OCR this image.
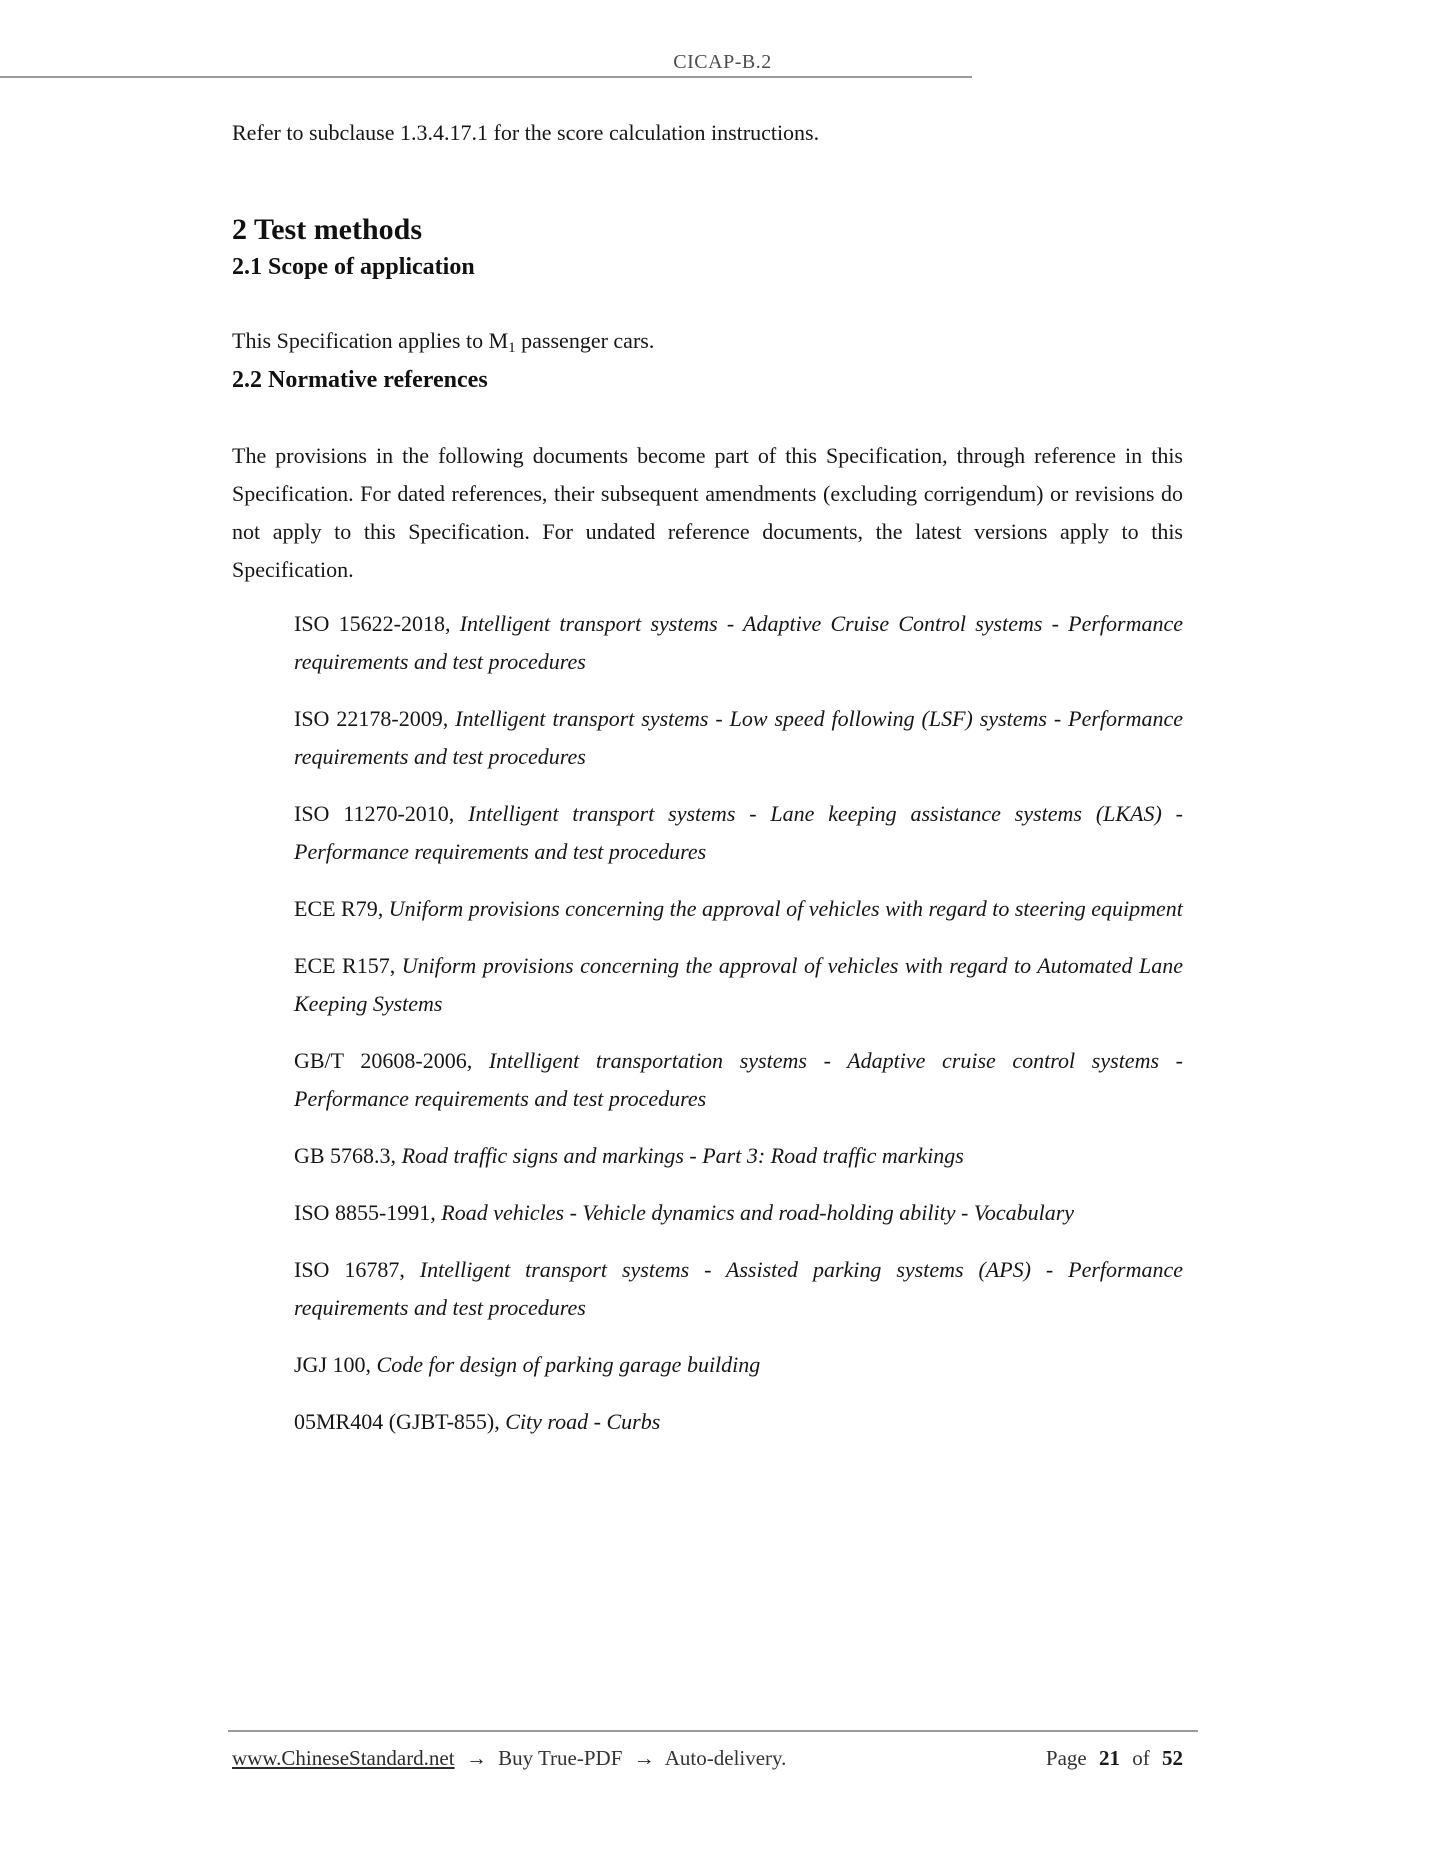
CICAP-B.2

Refer to subclause 1.3.4.17.1 for the score calculation instructions.

2 Test methods
2.1 Scope of application

This Specification applies to $M_1$ passenger cars.

2.2 Normative references

The provisions in the following documents become part of this Specification, through reference in this Specification. For dated references, their subsequent amendments (excluding corrigendum) or revisions do not apply to this Specification. For undated reference documents, the latest versions apply to this Specification.

ISO 15622-2018, Intelligent transport systems - Adaptive Cruise Control systems - Performance requirements and test procedures
ISO 22178-2009, Intelligent transport systems - Low speed following (LSF) systems - Performance requirements and test procedures
ISO 11270-2010, Intelligent transport systems - Lane keeping assistance systems (LKAS) - Performance requirements and test procedures
ECE R79, Uniform provisions concerning the approval of vehicles with regard to steering equipment
ECE R157, Uniform provisions concerning the approval of vehicles with regard to Automated Lane Keeping Systems
GB/T 20608-2006, Intelligent transportation systems - Adaptive cruise control systems - Performance requirements and test procedures
GB 5768.3, Road traffic signs and markings - Part 3: Road traffic markings
ISO 8855-1991, Road vehicles - Vehicle dynamics and road-holding ability - Vocabulary
ISO 16787, Intelligent transport systems - Assisted parking systems (APS) - Performance requirements and test procedures
JGJ 100, Code for design of parking garage building
05MR404 (GJBT-855), City road - Curbs
www.ChineseStandard.net → Buy True-PDF → Auto-delivery.	Page 21 of 52
